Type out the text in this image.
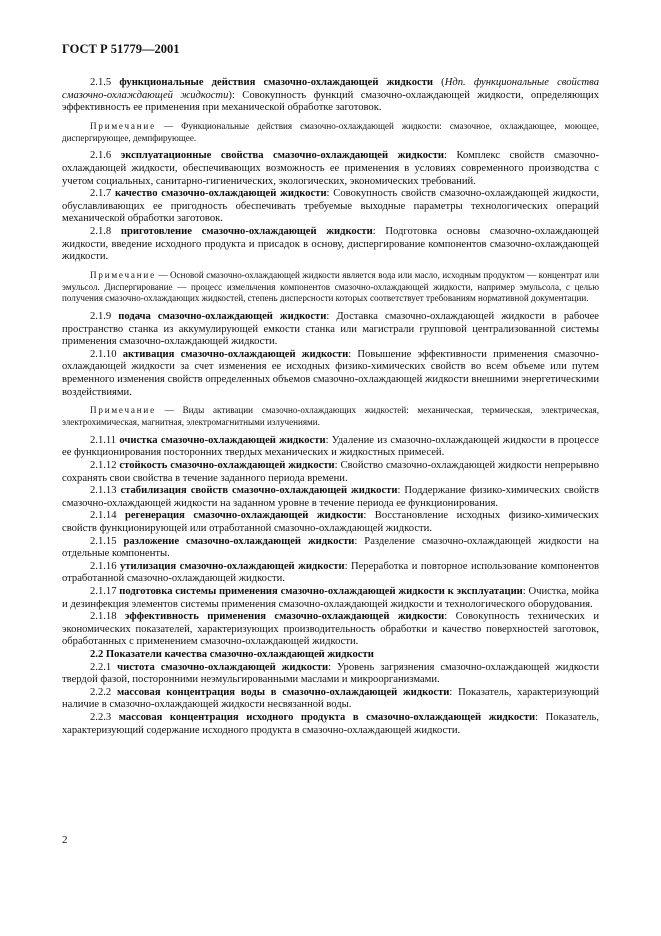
ГОСТ Р 51779—2001

2.1.5 функциональные действия смазочно-охлаждающей жидкости (Ндп. функциональные свойства смазочно-охлаждающей жидкости): Совокупность функций смазочно-охлаждающей жидкости, определяющих эффективность ее применения при механической обработке заготовок.

Примечание — Функциональные действия смазочно-охлаждающей жидкости: смазочное, охлаждающее, моющее, диспергирующее, демпфирующее.

2.1.6 эксплуатационные свойства смазочно-охлаждающей жидкости: Комплекс свойств смазочно-охлаждающей жидкости, обеспечивающих возможность ее применения в условиях современного производства с учетом социальных, санитарно-гигиенических, экологических, экономических требований.

2.1.7 качество смазочно-охлаждающей жидкости: Совокупность свойств смазочно-охлаждающей жидкости, обуславливающих ее пригодность обеспечивать требуемые выходные параметры технологических операций механической обработки заготовок.

2.1.8 приготовление смазочно-охлаждающей жидкости: Подготовка основы смазочно-охлаждающей жидкости, введение исходного продукта и присадок в основу, диспергирование компонентов смазочно-охлаждающей жидкости.

Примечание — Основой смазочно-охлаждающей жидкости является вода или масло, исходным продуктом — концентрат или эмульсол. Диспергирование — процесс измельчения компонентов смазочно-охлаждающей жидкости, например эмульсола, с целью получения смазочно-охлаждающих жидкостей, степень дисперсности которых соответствует требованиям нормативной документации.

2.1.9 подача смазочно-охлаждающей жидкости: Доставка смазочно-охлаждающей жидкости в рабочее пространство станка из аккумулирующей емкости станка или магистрали групповой централизованной системы применения смазочно-охлаждающей жидкости.

2.1.10 активация смазочно-охлаждающей жидкости: Повышение эффективности применения смазочно-охлаждающей жидкости за счет изменения ее исходных физико-химических свойств во всем объеме или путем временного изменения свойств определенных объемов смазочно-охлаждающей жидкости внешними энергетическими воздействиями.

Примечание — Виды активации смазочно-охлаждающих жидкостей: механическая, термическая, электрическая, электрохимическая, магнитная, электромагнитными излучениями.

2.1.11 очистка смазочно-охлаждающей жидкости: Удаление из смазочно-охлаждающей жидкости в процессе ее функционирования посторонних твердых механических и жидкостных примесей.

2.1.12 стойкость смазочно-охлаждающей жидкости: Свойство смазочно-охлаждающей жидкости непрерывно сохранять свои свойства в течение заданного периода времени.

2.1.13 стабилизация свойств смазочно-охлаждающей жидкости: Поддержание физико-химических свойств смазочно-охлаждающей жидкости на заданном уровне в течение периода ее функционирования.

2.1.14 регенерация смазочно-охлаждающей жидкости: Восстановление исходных физико-химических свойств функционирующей или отработанной смазочно-охлаждающей жидкости.

2.1.15 разложение смазочно-охлаждающей жидкости: Разделение смазочно-охлаждающей жидкости на отдельные компоненты.

2.1.16 утилизация смазочно-охлаждающей жидкости: Переработка и повторное использование компонентов отработанной смазочно-охлаждающей жидкости.

2.1.17 подготовка системы применения смазочно-охлаждающей жидкости к эксплуатации: Очистка, мойка и дезинфекция элементов системы применения смазочно-охлаждающей жидкости и технологического оборудования.

2.1.18 эффективность применения смазочно-охлаждающей жидкости: Совокупность технических и экономических показателей, характеризующих производительность обработки и качество поверхностей заготовок, обработанных с применением смазочно-охлаждающей жидкости.

2.2 Показатели качества смазочно-охлаждающей жидкости

2.2.1 чистота смазочно-охлаждающей жидкости: Уровень загрязнения смазочно-охлаждающей жидкости твердой фазой, посторонними неэмульгированными маслами и микроорганизмами.

2.2.2 массовая концентрация воды в смазочно-охлаждающей жидкости: Показатель, характеризующий наличие в смазочно-охлаждающей жидкости несвязанной воды.

2.2.3 массовая концентрация исходного продукта в смазочно-охлаждающей жидкости: Показатель, характеризующий содержание исходного продукта в смазочно-охлаждающей жидкости.

2
